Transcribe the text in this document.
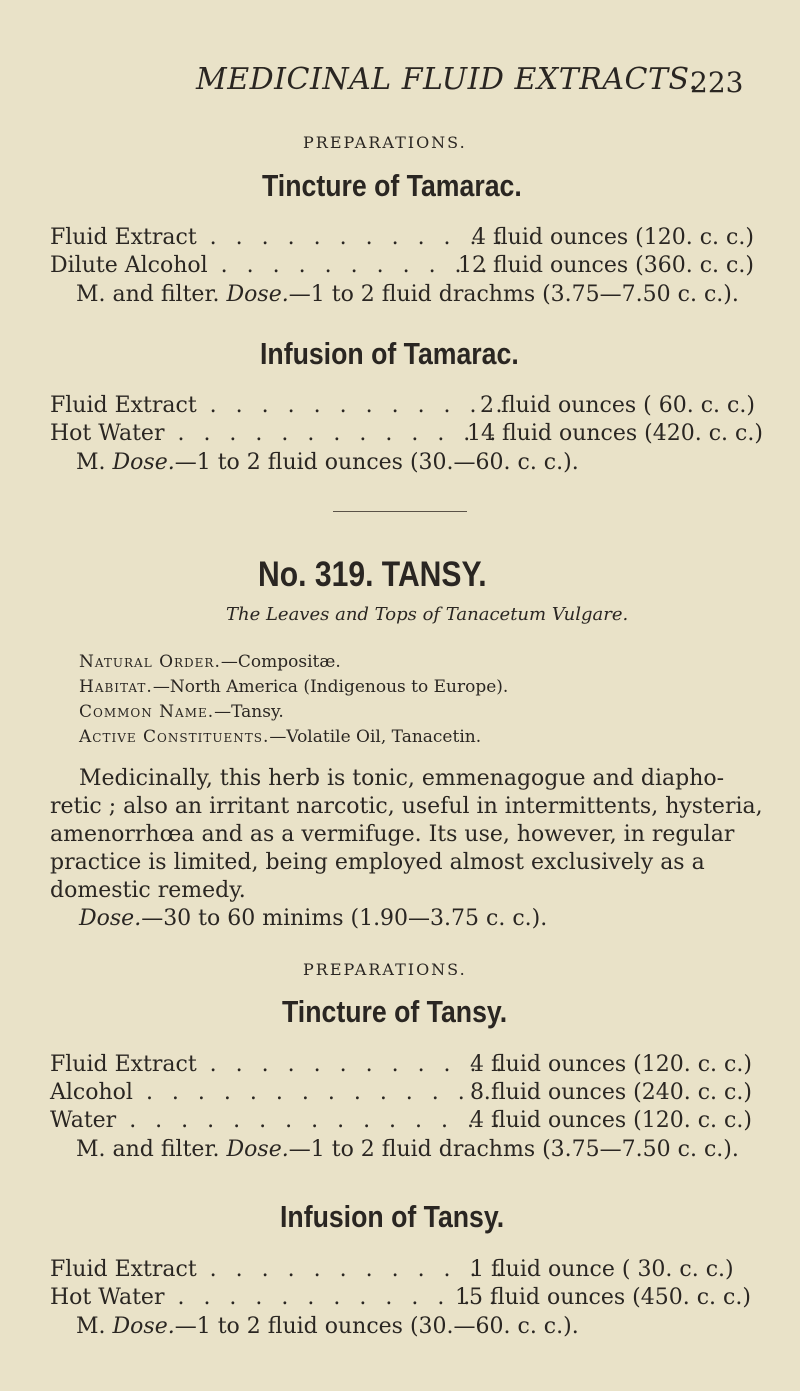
MEDICINAL FLUID EXTRACTS.
223
PREPARATIONS.
Tincture of Tamarac.
Fluid Extract . . . . . . . . . . . .
4 fluid ounces (120. c. c.)
Dilute Alcohol . . . . . . . . . . .
12 fluid ounces (360. c. c.)
M. and filter. Dose.—1 to 2 fluid drachms (3.75—7.50 c. c.).
Infusion of Tamarac.
Fluid Extract . . . . . . . . . . . .
2 fluid ounces ( 60. c. c.)
Hot Water . . . . . . . . . . . . .
14 fluid ounces (420. c. c.)
M. Dose.—1 to 2 fluid ounces (30.—60. c. c.).
No. 319. TANSY.
The Leaves and Tops of Tanacetum Vulgare.
Natural Order.—Compositæ.
Habitat.—North America (Indigenous to Europe).
Common Name.—Tansy.
Active Constituents.—Volatile Oil, Tanacetin.
Medicinally, this herb is tonic, emmenagogue and diapho-
retic ; also an irritant narcotic, useful in intermittents, hysteria,
amenorrhœa and as a vermifuge. Its use, however, in regular
practice is limited, being employed almost exclusively as a
domestic remedy.
Dose.—30 to 60 minims (1.90—3.75 c. c.).
PREPARATIONS.
Tincture of Tansy.
Fluid Extract . . . . . . . . . . . .
4 fluid ounces (120. c. c.)
Alcohol . . . . . . . . . . . . . .
8 fluid ounces (240. c. c.)
Water . . . . . . . . . . . . . . .
4 fluid ounces (120. c. c.)
M. and filter. Dose.—1 to 2 fluid drachms (3.75—7.50 c. c.).
Infusion of Tansy.
Fluid Extract . . . . . . . . . . . .
1 fluid ounce ( 30. c. c.)
Hot Water . . . . . . . . . . . . .
15 fluid ounces (450. c. c.)
M. Dose.—1 to 2 fluid ounces (30.—60. c. c.).
